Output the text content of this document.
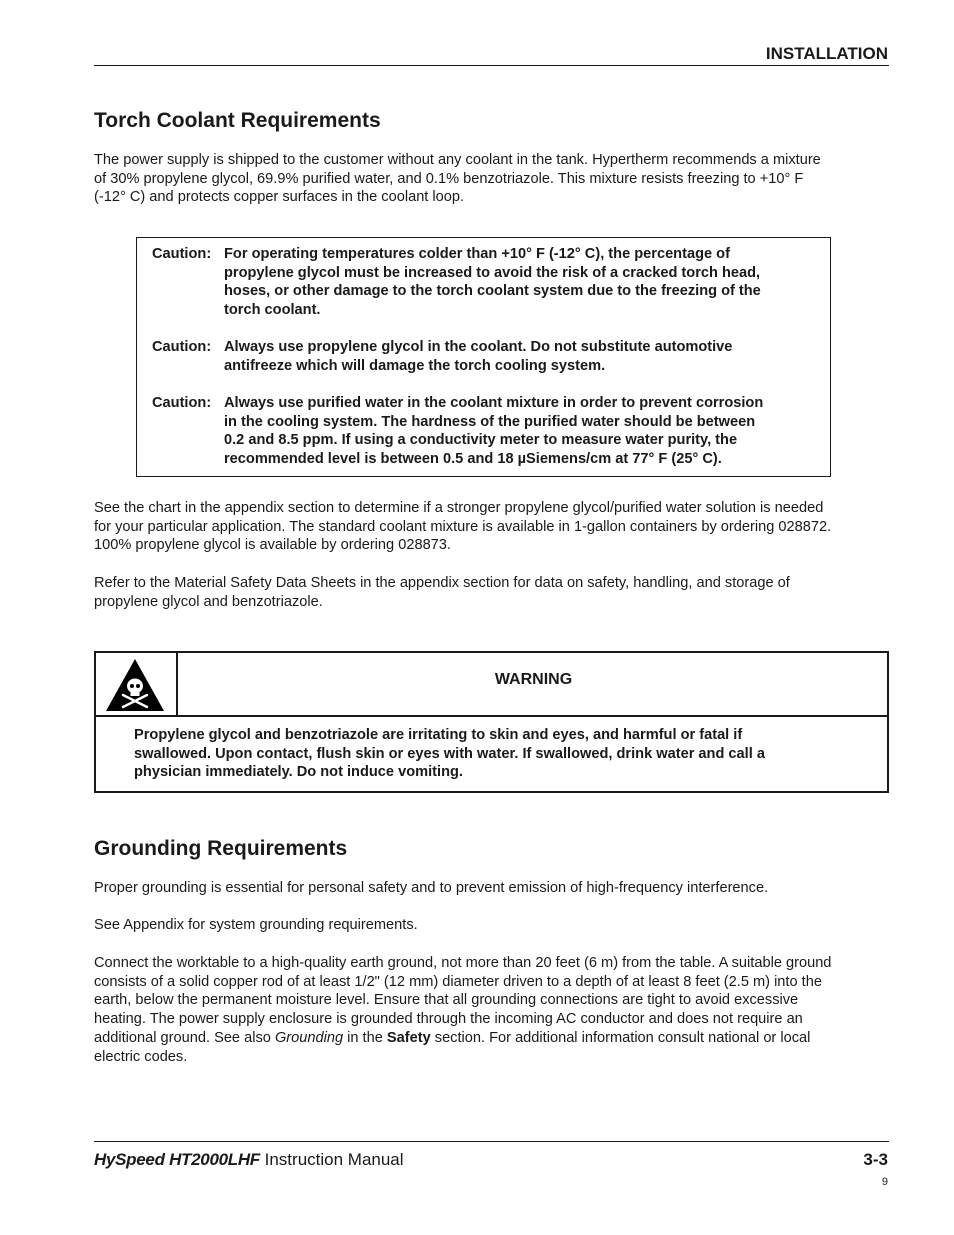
INSTALLATION
Torch Coolant Requirements
The power supply is shipped to the customer without any coolant in the tank. Hypertherm recommends a mixture
of 30% propylene glycol, 69.9% purified water, and 0.1% benzotriazole. This mixture resists freezing to +10° F
(-12° C) and protects copper surfaces in the coolant loop.
Caution: For operating temperatures colder than +10° F (-12° C), the percentage of
propylene glycol must be increased to avoid the risk of a cracked torch head,
hoses, or other damage to the torch coolant system due to the freezing of the
torch coolant.
Caution: Always use propylene glycol in the coolant. Do not substitute automotive
antifreeze which will damage the torch cooling system.
Caution: Always use purified water in the coolant mixture in order to prevent corrosion
in the cooling system. The hardness of the purified water should be between
0.2 and 8.5 ppm. If using a conductivity meter to measure water purity, the
recommended level is between 0.5 and 18 µSiemens/cm at 77° F (25° C).
See the chart in the appendix section to determine if a stronger propylene glycol/purified water solution is needed
for your particular application. The standard coolant mixture is available in 1-gallon containers by ordering 028872.
100% propylene glycol is available by ordering 028873.
Refer to the Material Safety Data Sheets in the appendix section for data on safety, handling, and storage of
propylene glycol and benzotriazole.
WARNING
Propylene glycol and benzotriazole are irritating to skin and eyes, and harmful or fatal if
swallowed. Upon contact, flush skin or eyes with water. If swallowed, drink water and call a
physician immediately. Do not induce vomiting.
Grounding Requirements
Proper grounding is essential for personal safety and to prevent emission of high-frequency interference.
See Appendix for system grounding requirements.
Connect the worktable to a high-quality earth ground, not more than 20 feet (6 m) from the table. A suitable ground
consists of a solid copper rod of at least 1/2" (12 mm) diameter driven to a depth of at least 8 feet (2.5 m) into the
earth, below the permanent moisture level. Ensure that all grounding connections are tight to avoid excessive
heating. The power supply enclosure is grounded through the incoming AC conductor and does not require an
additional ground. See also Grounding in the Safety section. For additional information consult national or local
electric codes.
HySpeed HT2000LHF Instruction Manual	3-3
9
